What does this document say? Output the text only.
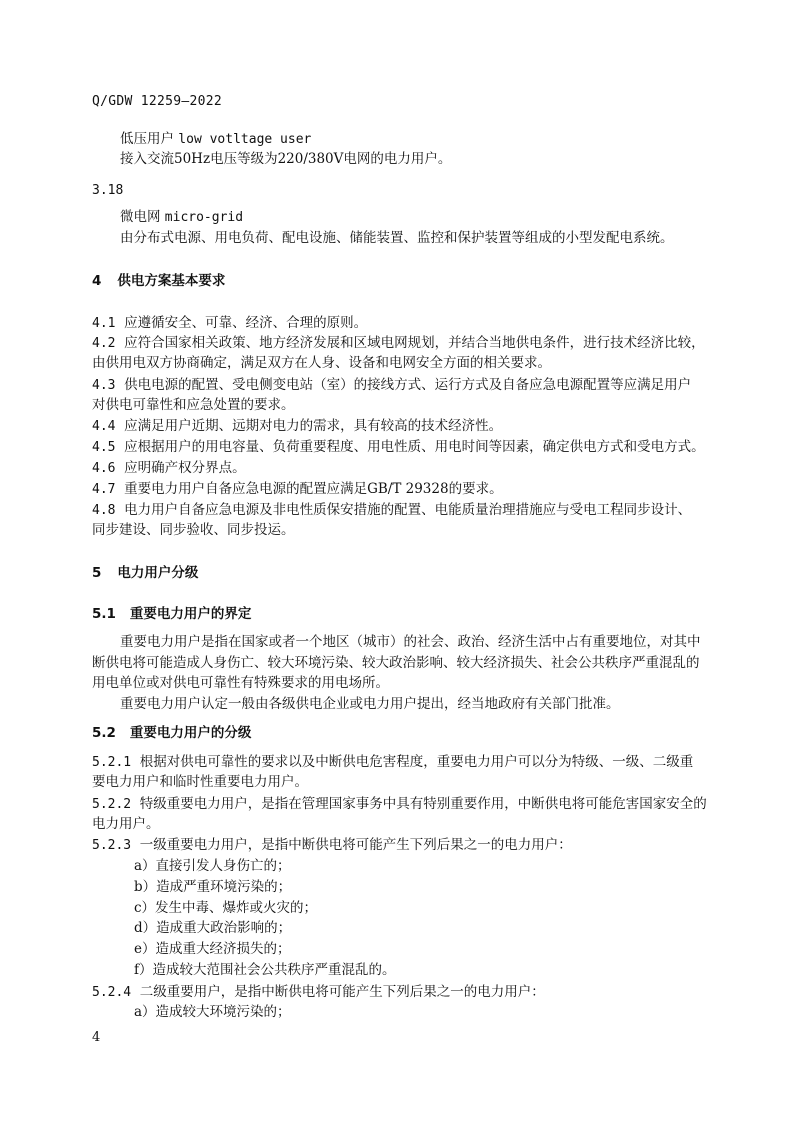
Q/GDW 12259—2022
低压用户 low votltage user
接入交流50Hz电压等级为220/380V电网的电力用户。
3.18
微电网 micro-grid
由分布式电源、用电负荷、配电设施、储能装置、监控和保护装置等组成的小型发配电系统。
4 供电方案基本要求
4.1 应遵循安全、可靠、经济、合理的原则。
4.2 应符合国家相关政策、地方经济发展和区域电网规划，并结合当地供电条件，进行技术经济比较，
由供用电双方协商确定，满足双方在人身、设备和电网安全方面的相关要求。
4.3 供电电源的配置、受电侧变电站（室）的接线方式、运行方式及自备应急电源配置等应满足用户
对供电可靠性和应急处置的要求。
4.4 应满足用户近期、远期对电力的需求，具有较高的技术经济性。
4.5 应根据用户的用电容量、负荷重要程度、用电性质、用电时间等因素，确定供电方式和受电方式。
4.6 应明确产权分界点。
4.7 重要电力用户自备应急电源的配置应满足GB/T 29328的要求。
4.8 电力用户自备应急电源及非电性质保安措施的配置、电能质量治理措施应与受电工程同步设计、
同步建设、同步验收、同步投运。
5 电力用户分级
5.1 重要电力用户的界定
重要电力用户是指在国家或者一个地区（城市）的社会、政治、经济生活中占有重要地位，对其中
断供电将可能造成人身伤亡、较大环境污染、较大政治影响、较大经济损失、社会公共秩序严重混乱的
用电单位或对供电可靠性有特殊要求的用电场所。
重要电力用户认定一般由各级供电企业或电力用户提出，经当地政府有关部门批准。
5.2 重要电力用户的分级
5.2.1 根据对供电可靠性的要求以及中断供电危害程度，重要电力用户可以分为特级、一级、二级重
要电力用户和临时性重要电力用户。
5.2.2 特级重要电力用户，是指在管理国家事务中具有特别重要作用，中断供电将可能危害国家安全的
电力用户。
5.2.3 一级重要电力用户，是指中断供电将可能产生下列后果之一的电力用户：
a）直接引发人身伤亡的；
b）造成严重环境污染的；
c）发生中毒、爆炸或火灾的；
d）造成重大政治影响的；
e）造成重大经济损失的；
f）造成较大范围社会公共秩序严重混乱的。
5.2.4 二级重要用户，是指中断供电将可能产生下列后果之一的电力用户：
a）造成较大环境污染的；
4
